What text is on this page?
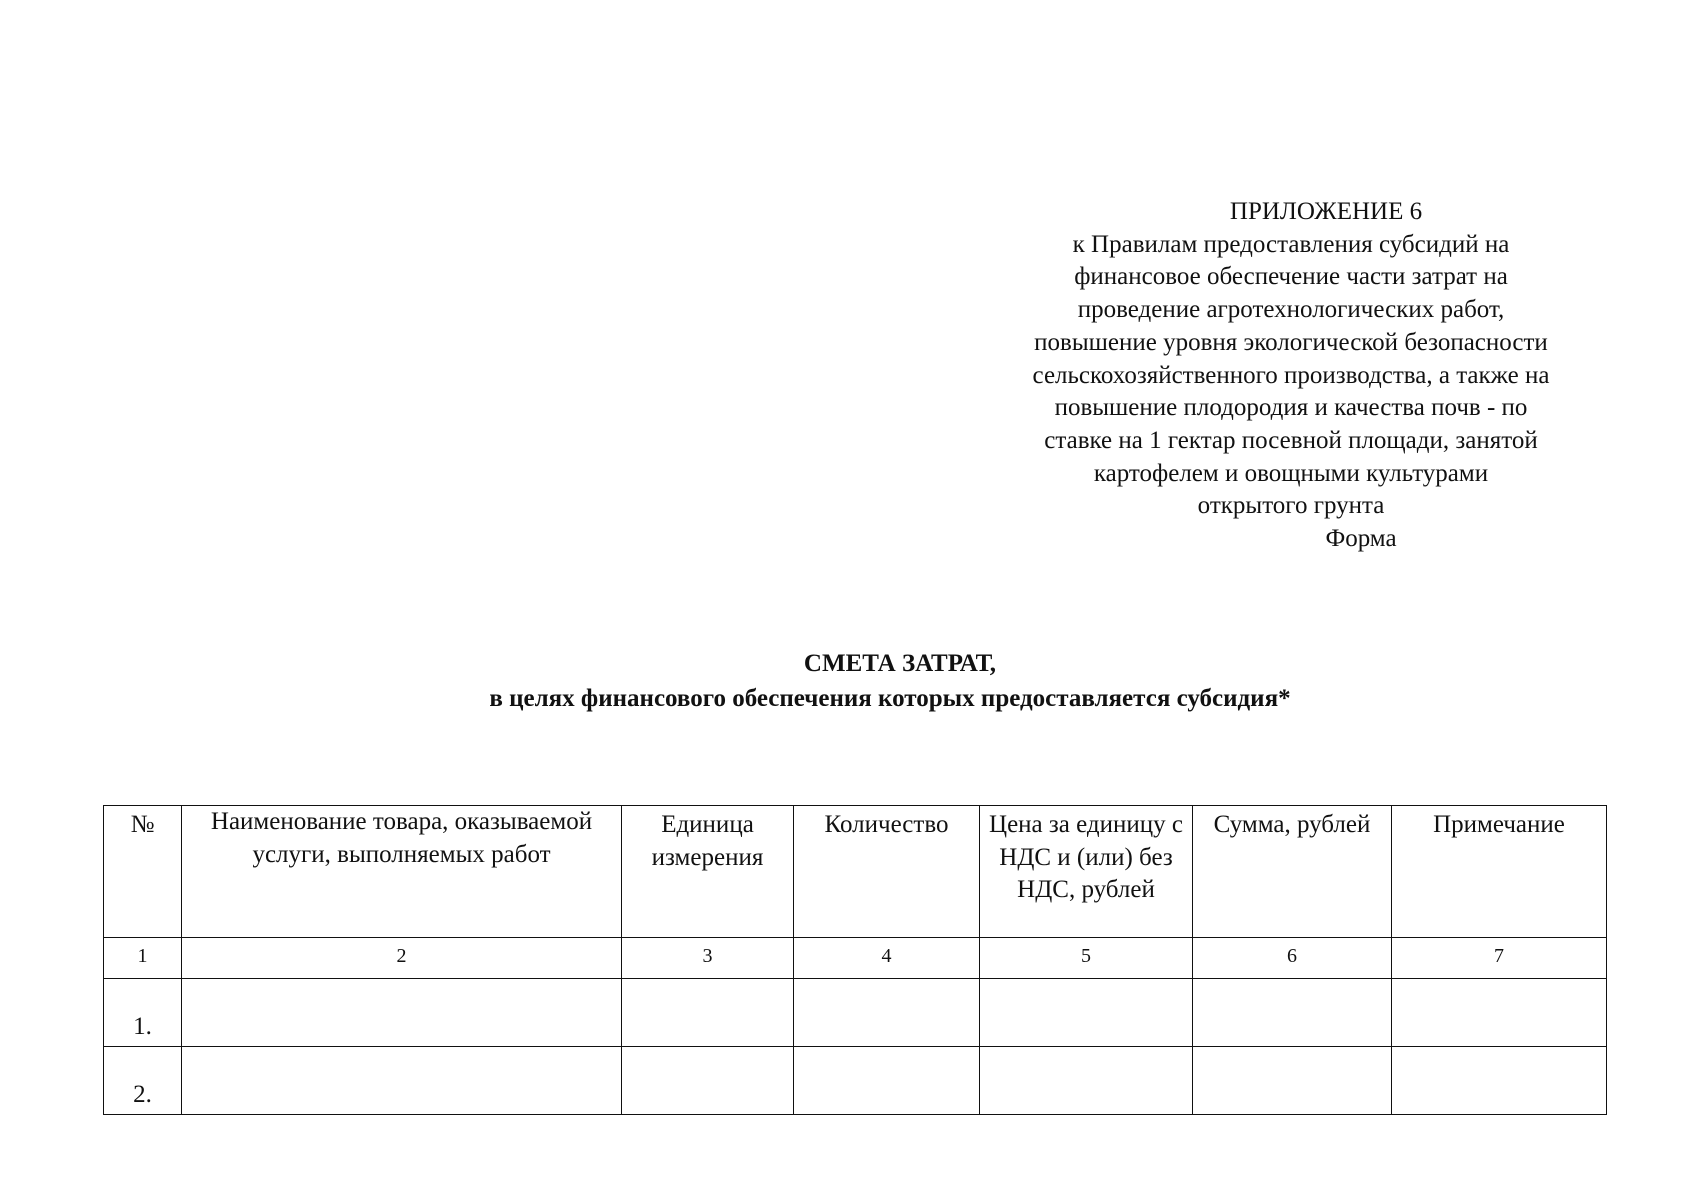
ПРИЛОЖЕНИЕ 6
к Правилам предоставления субсидий на
финансовое обеспечение части затрат на
проведение агротехнологических работ,
повышение уровня экологической безопасности
сельскохозяйственного производства, а также на
повышение плодородия и качества почв - по
ставке на 1 гектар посевной площади, занятой
картофелем и овощными культурами
открытого грунта
Форма
СМЕТА ЗАТРАТ,
в целях финансового обеспечения которых предоставляется субсидия*
№	Наименование товара, оказываемой услуги, выполняемых работ	Единица измерения	Количество	Цена за единицу с НДС и (или) без НДС, рублей	Сумма, рублей	Примечание
1	2	3	4	5	6	7
1.						
2.						
